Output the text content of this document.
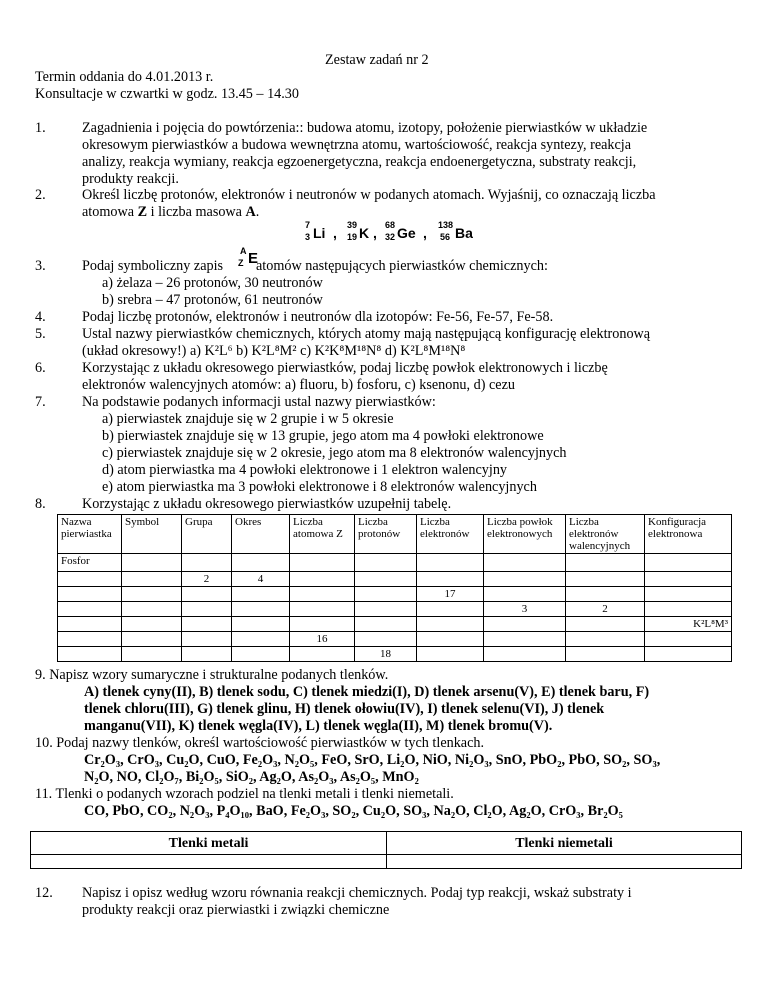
Zestaw zadań nr 2
Termin oddania do 4.01.2013 r.
Konsultacje w czwartki w godz. 13.45 – 14.30
1.	Zagadnienia i pojęcia do powtórzenia:: budowa atomu, izotopy, położenie pierwiastków w układzie
okresowym pierwiastków a budowa wewnętrzna atomu, wartościowość, reakcja syntezy, reakcja
analizy, reakcja wymiany, reakcja egzoenergetyczna, reakcja endoenergetyczna, substraty reakcji,
produkty reakcji.
2.	Określ liczbę protonów, elektronów i neutronów w podanych atomach. Wyjaśnij, co oznaczają liczba
atomowa Z i liczba masowa A.
7
3 Li , 39
19 K , 68
32 Ge , 138
56 Ba
3.	Podaj symboliczny zapis
A
Z E
atomów następujących pierwiastków chemicznych:
a) żelaza – 26 protonów, 30 neutronów
b) srebra – 47 protonów, 61 neutronów
4.	Podaj liczbę protonów, elektronów i neutronów dla izotopów: Fe-56, Fe-57, Fe-58.
5.	Ustal nazwy pierwiastków chemicznych, których atomy mają następującą konfigurację elektronową
(układ okresowy!) a) K²L⁶ b) K²L⁸M² c) K²K⁸M¹⁸N⁸ d) K²L⁸M¹⁸N⁸
6.	Korzystając z układu okresowego pierwiastków, podaj liczbę powłok elektronowych i liczbę
elektronów walencyjnych atomów: a) fluoru, b) fosforu, c) ksenonu, d) cezu
7.	Na podstawie podanych informacji ustal nazwy pierwiastków:
a) pierwiastek znajduje się w 2 grupie i w 5 okresie
b) pierwiastek znajduje się w 13 grupie, jego atom ma 4 powłoki elektronowe
c) pierwiastek znajduje się w 2 okresie, jego atom ma 8 elektronów walencyjnych
d) atom pierwiastka ma 4 powłoki elektronowe i 1 elektron walencyjny
e) atom pierwiastka ma 3 powłoki elektronowe i 8 elektronów walencyjnych
8.	Korzystając z układu okresowego pierwiastków uzupełnij tabelę.
Nazwa pierwiastka	Symbol	Grupa	Okres	Liczba atomowa Z	Liczba protonów	Liczba elektronów	Liczba powłok elektronowych	Liczba elektronów walencyjnych	Konfiguracja elektronowa
Fosfor									
		2	4						
						17			
							3	2	
									K²L⁸M³
				16					
					18				
9. Napisz wzory sumaryczne i strukturalne podanych tlenków.
A) tlenek cyny(II), B) tlenek sodu, C) tlenek miedzi(I), D) tlenek arsenu(V), E) tlenek baru, F)
tlenek chloru(III), G) tlenek glinu, H) tlenek ołowiu(IV), I) tlenek selenu(VI), J) tlenek
manganu(VII), K) tlenek węgla(IV), L) tlenek węgla(II), M) tlenek bromu(V).
10. Podaj nazwy tlenków, określ wartościowość pierwiastków w tych tlenkach.
Cr₂O₃, CrO₃, Cu₂O, CuO, Fe₂O₃, N₂O₅, FeO, SrO, Li₂O, NiO, Ni₂O₃, SnO, PbO₂, PbO, SO₂, SO₃,
N₂O, NO, Cl₂O₇, Bi₂O₅, SiO₂, Ag₂O, As₂O₃, As₂O₅, MnO₂
11. Tlenki o podanych wzorach podziel na tlenki metali i tlenki niemetali.
CO, PbO, CO₂, N₂O₃, P₄O₁₀, BaO, Fe₂O₃, SO₂, Cu₂O, SO₃, Na₂O, Cl₂O, Ag₂O, CrO₃, Br₂O₅
Tlenki metali	Tlenki niemetali

12. Napisz i opisz według wzoru równania reakcji chemicznych. Podaj typ reakcji, wskaż substraty i
produkty reakcji oraz pierwiastki i związki chemiczne
